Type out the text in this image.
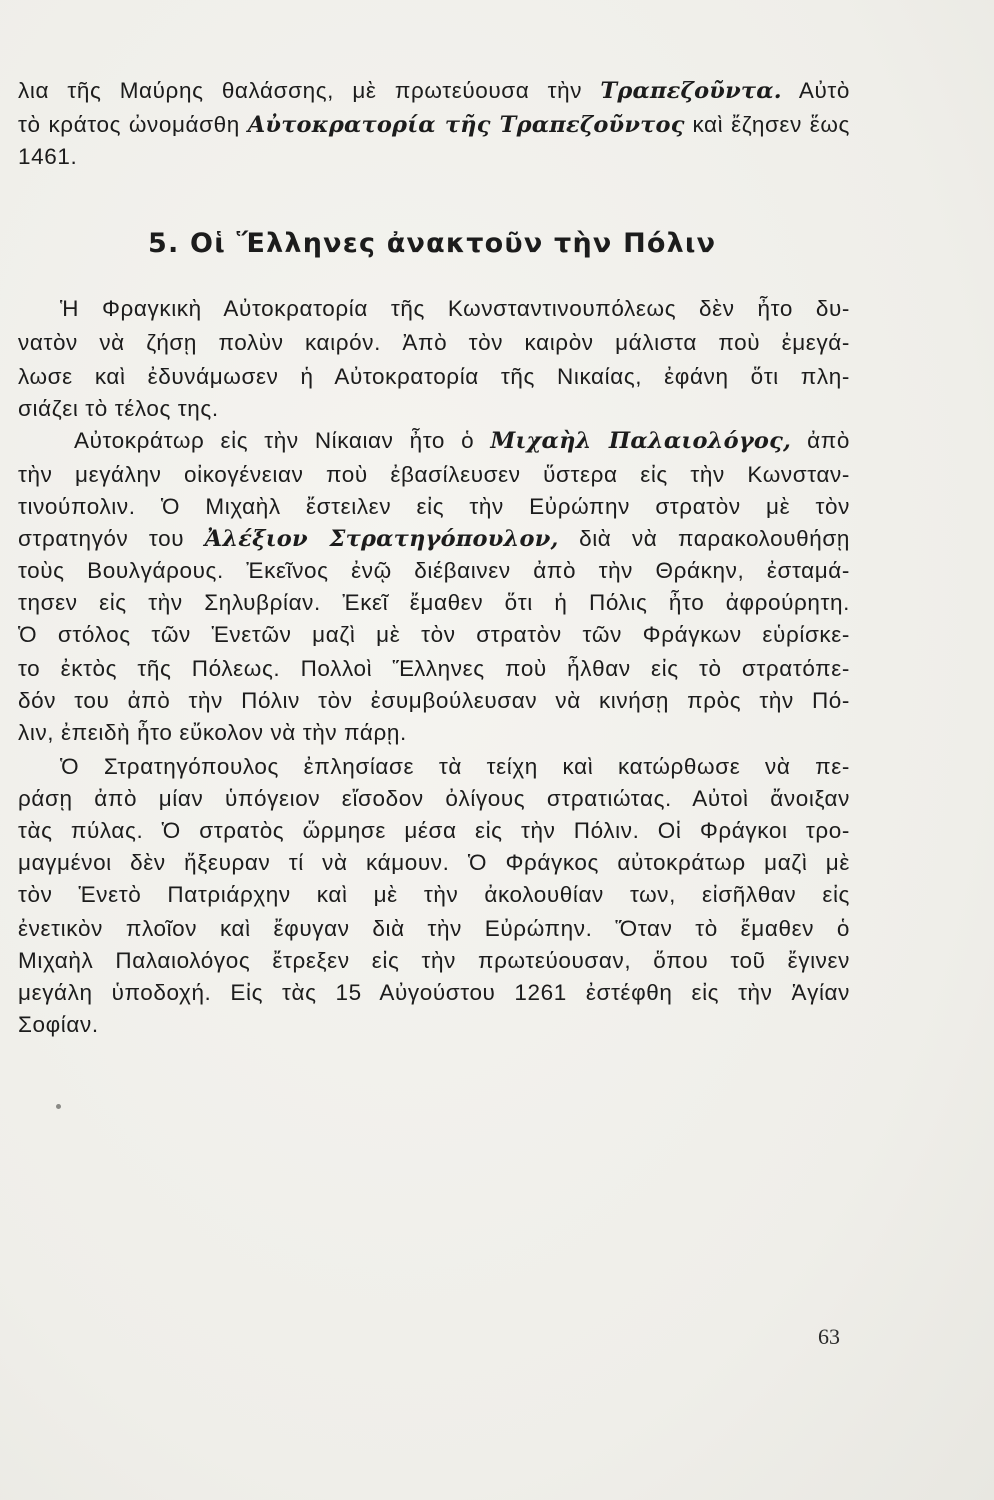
λια τῆς Μαύρης θαλάσσης, μὲ πρωτεύουσα τὴν Τραπεζοῦντα. Αὐτὸ
τὸ κράτος ὠνομάσθη Αὐτοκρατορία τῆς Τραπεζοῦντος καὶ ἔζησεν ἕως
1461.
5. Οἱ Ἕλληνες ἀνακτοῦν τὴν Πόλιν
Ἡ Φραγκικὴ Αὐτοκρατορία τῆς Κωνσταντινουπόλεως δὲν ἦτο δυ-
νατὸν νὰ ζήσῃ πολὺν καιρόν. Ἀπὸ τὸν καιρὸν μάλιστα ποὺ ἐμεγά-
λωσε καὶ ἐδυνάμωσεν ἡ Αὐτοκρατορία τῆς Νικαίας, ἐφάνη ὅτι πλη-
σιάζει τὸ τέλος της.
Αὐτοκράτωρ εἰς τὴν Νίκαιαν ἦτο ὁ Μιχαὴλ Παλαιολόγος, ἀπὸ
τὴν μεγάλην οἰκογένειαν ποὺ ἐβασίλευσεν ὕστερα εἰς τὴν Κωνσταν-
τινούπολιν. Ὁ Μιχαὴλ ἔστειλεν εἰς τὴν Εὐρώπην στρατὸν μὲ τὸν
στρατηγόν του Ἀλέξιον Στρατηγόπουλον, διὰ νὰ παρακολουθήσῃ
τοὺς Βουλγάρους. Ἐκεῖνος ἐνῷ διέβαινεν ἀπὸ τὴν Θράκην, ἐσταμά-
τησεν εἰς τὴν Σηλυβρίαν. Ἐκεῖ ἔμαθεν ὅτι ἡ Πόλις ἦτο ἀφρούρητη.
Ὁ στόλος τῶν Ἑνετῶν μαζὶ μὲ τὸν στρατὸν τῶν Φράγκων εὑρίσκε-
το ἐκτὸς τῆς Πόλεως. Πολλοὶ Ἕλληνες ποὺ ἦλθαν εἰς τὸ στρατόπε-
δόν του ἀπὸ τὴν Πόλιν τὸν ἐσυμβούλευσαν νὰ κινήσῃ πρὸς τὴν Πό-
λιν, ἐπειδὴ ἦτο εὔκολον νὰ τὴν πάρῃ.
Ὁ Στρατηγόπουλος ἐπλησίασε τὰ τείχη καὶ κατώρθωσε νὰ πε-
ράσῃ ἀπὸ μίαν ὑπόγειον εἴσοδον ὀλίγους στρατιώτας. Αὐτοὶ ἄνοιξαν
τὰς πύλας. Ὁ στρατὸς ὥρμησε μέσα εἰς τὴν Πόλιν. Οἱ Φράγκοι τρο-
μαγμένοι δὲν ἤξευραν τί νὰ κάμουν. Ὁ Φράγκος αὐτοκράτωρ μαζὶ μὲ
τὸν Ἑνετὸ Πατριάρχην καὶ μὲ τὴν ἀκολουθίαν των, εἰσῆλθαν εἰς
ἐνετικὸν πλοῖον καὶ ἔφυγαν διὰ τὴν Εὐρώπην. Ὅταν τὸ ἔμαθεν ὁ
Μιχαὴλ Παλαιολόγος ἔτρεξεν εἰς τὴν πρωτεύουσαν, ὅπου τοῦ ἔγινεν
μεγάλη ὑποδοχή. Εἰς τὰς 15 Αὐγούστου 1261 ἐστέφθη εἰς τὴν Ἁγίαν
Σοφίαν.
63
